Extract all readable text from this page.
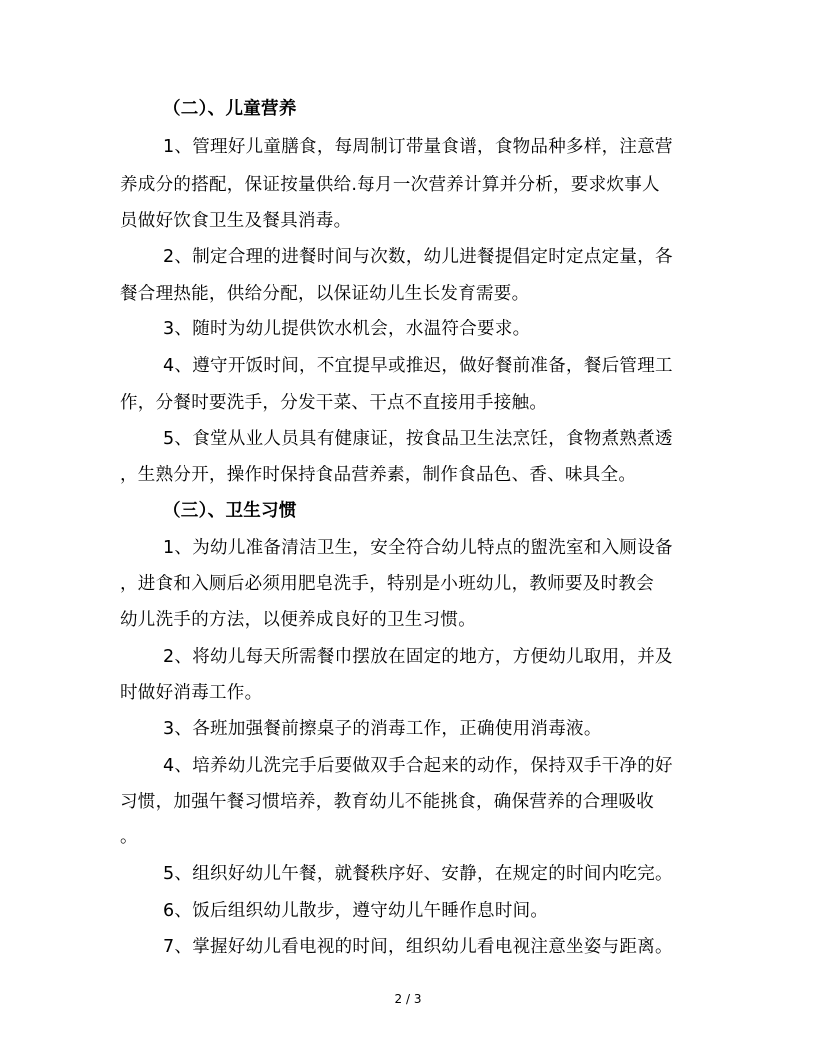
（二）、儿童营养
1、管理好儿童膳食，每周制订带量食谱，食物品种多样，注意营
养成分的搭配，保证按量供给.每月一次营养计算并分析，要求炊事人
员做好饮食卫生及餐具消毒。
2、制定合理的进餐时间与次数，幼儿进餐提倡定时定点定量，各
餐合理热能，供给分配，以保证幼儿生长发育需要。
3、随时为幼儿提供饮水机会，水温符合要求。
4、遵守开饭时间，不宜提早或推迟，做好餐前准备，餐后管理工
作，分餐时要洗手，分发干菜、干点不直接用手接触。
5、食堂从业人员具有健康证，按食品卫生法烹饪，食物煮熟煮透
，生熟分开，操作时保持食品营养素，制作食品色、香、味具全。
（三）、卫生习惯
1、为幼儿准备清洁卫生，安全符合幼儿特点的盥洗室和入厕设备
，进食和入厕后必须用肥皂洗手，特别是小班幼儿，教师要及时教会
幼儿洗手的方法，以便养成良好的卫生习惯。
2、将幼儿每天所需餐巾摆放在固定的地方，方便幼儿取用，并及
时做好消毒工作。
3、各班加强餐前擦桌子的消毒工作，正确使用消毒液。
4、培养幼儿洗完手后要做双手合起来的动作，保持双手干净的好
习惯，加强午餐习惯培养，教育幼儿不能挑食，确保营养的合理吸收
。
5、组织好幼儿午餐，就餐秩序好、安静，在规定的时间内吃完。
6、饭后组织幼儿散步，遵守幼儿午睡作息时间。
7、掌握好幼儿看电视的时间，组织幼儿看电视注意坐姿与距离。
2 / 3
